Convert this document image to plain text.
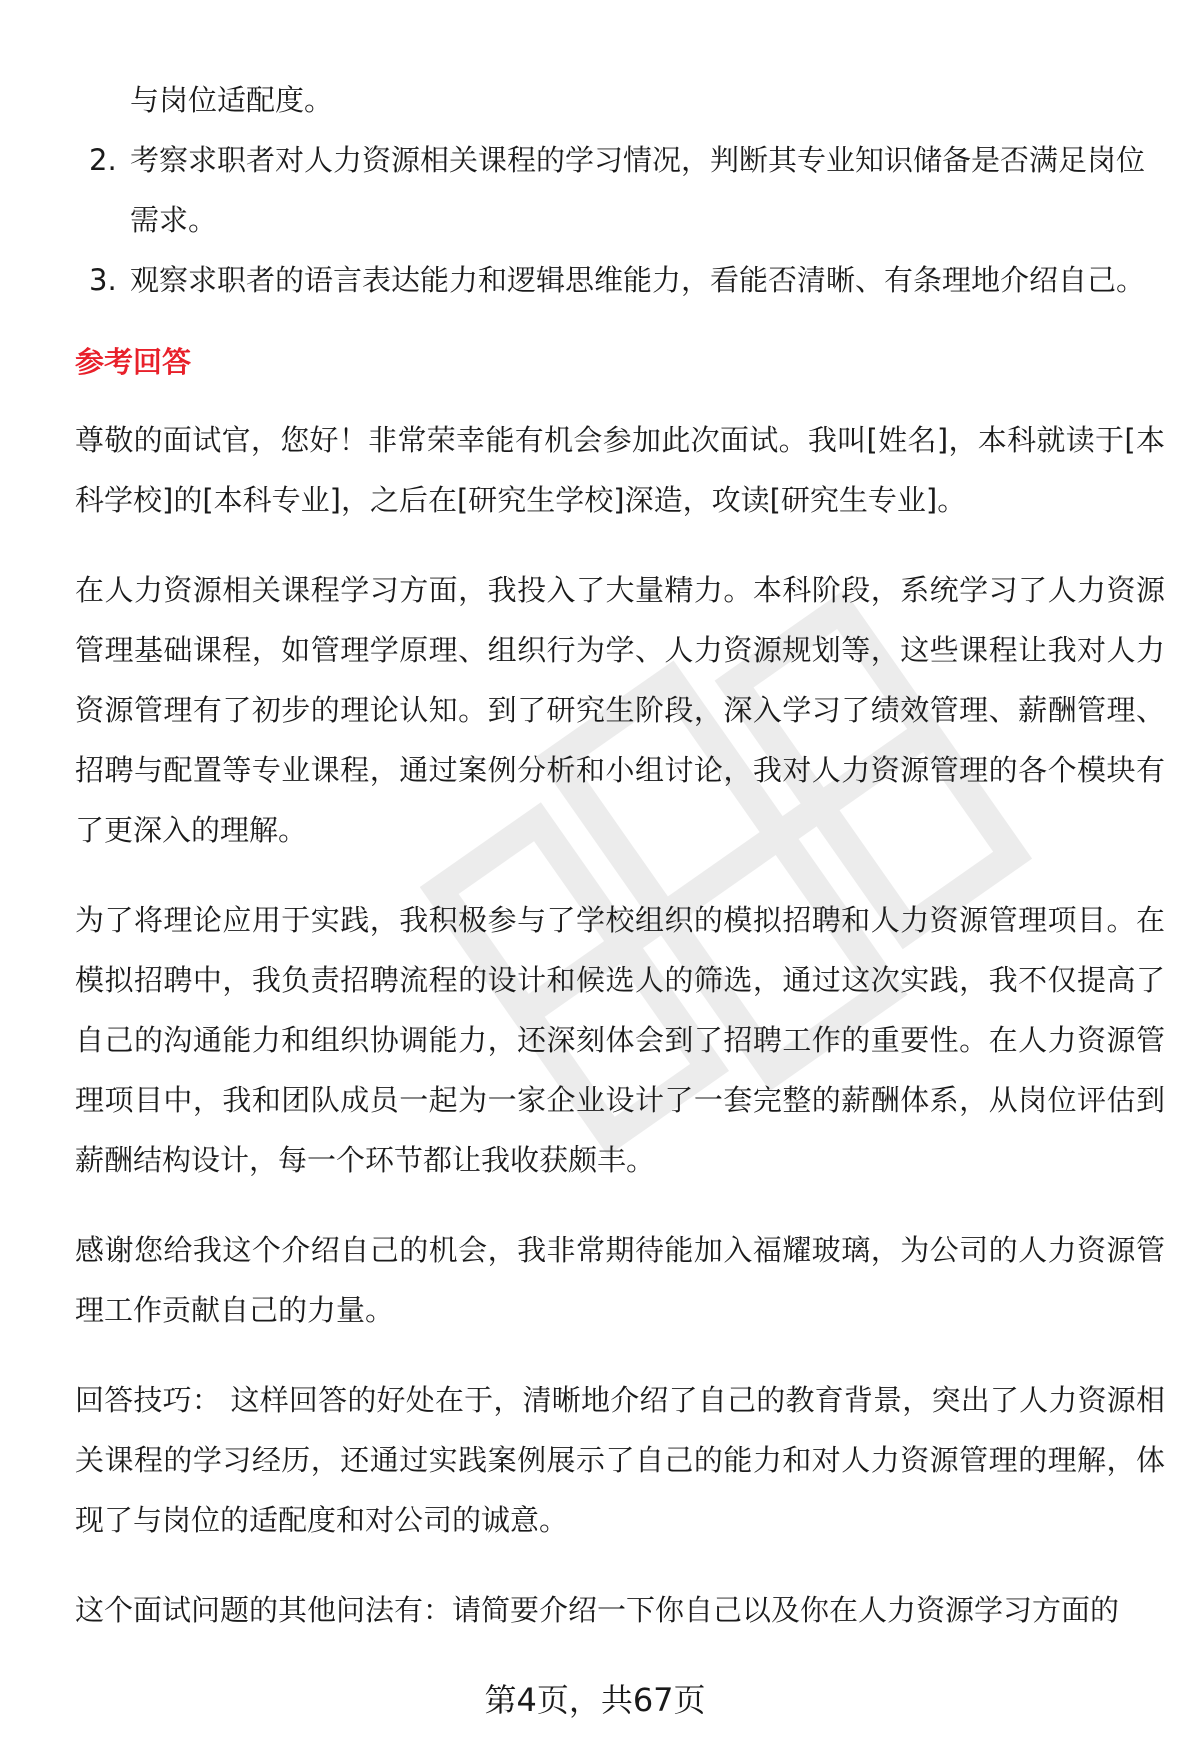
与岗位适配度。
2. 考察求职者对人力资源相关课程的学习情况，判断其专业知识储备是否满足岗位需求。
3. 观察求职者的语言表达能力和逻辑思维能力，看能否清晰、有条理地介绍自己。
参考回答

尊敬的面试官，您好！非常荣幸能有机会参加此次面试。我叫[姓名]，本科就读于[本科学校]的[本科专业]，之后在[研究生学校]深造，攻读[研究生专业]。

在人力资源相关课程学习方面，我投入了大量精力。本科阶段，系统学习了人力资源管理基础课程，如管理学原理、组织行为学、人力资源规划等，这些课程让我对人力资源管理有了初步的理论认知。到了研究生阶段，深入学习了绩效管理、薪酬管理、招聘与配置等专业课程，通过案例分析和小组讨论，我对人力资源管理的各个模块有了更深入的理解。

为了将理论应用于实践，我积极参与了学校组织的模拟招聘和人力资源管理项目。在模拟招聘中，我负责招聘流程的设计和候选人的筛选，通过这次实践，我不仅提高了自己的沟通能力和组织协调能力，还深刻体会到了招聘工作的重要性。在人力资源管理项目中，我和团队成员一起为一家企业设计了一套完整的薪酬体系，从岗位评估到薪酬结构设计，每一个环节都让我收获颇丰。

感谢您给我这个介绍自己的机会，我非常期待能加入福耀玻璃，为公司的人力资源管理工作贡献自己的力量。

回答技巧： 这样回答的好处在于，清晰地介绍了自己的教育背景，突出了人力资源相关课程的学习经历，还通过实践案例展示了自己的能力和对人力资源管理的理解，体现了与岗位的适配度和对公司的诚意。

这个面试问题的其他问法有：请简要介绍一下你自己以及你在人力资源学习方面的

第4页，共67页
